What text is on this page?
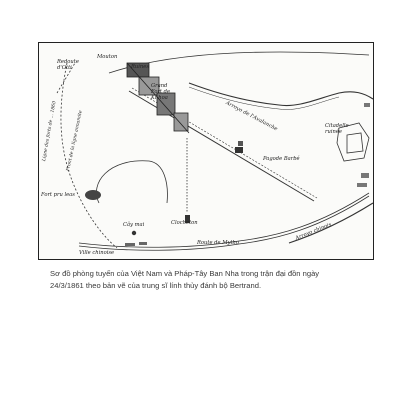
Ruines
Grand Fort de Ki-hoa
Redoute d'Otti
Mouton
Arroyo de l'Avalanche	Citadelle ruinée
Pagode Barbé
Ligne des forts de ... 1860 Front de la ligne annamite
Fort pru leas
Cây mai	Clocheton
Route de Mytho
Ville chinoise
Arroyo chinois
Sơ đồ phòng tuyến của Việt Nam và Pháp-Tây Ban Nha trong trận đại đồn ngày 24/3/1861 theo bản vẽ của trung sĩ lính thủy đánh bộ Bertrand.
